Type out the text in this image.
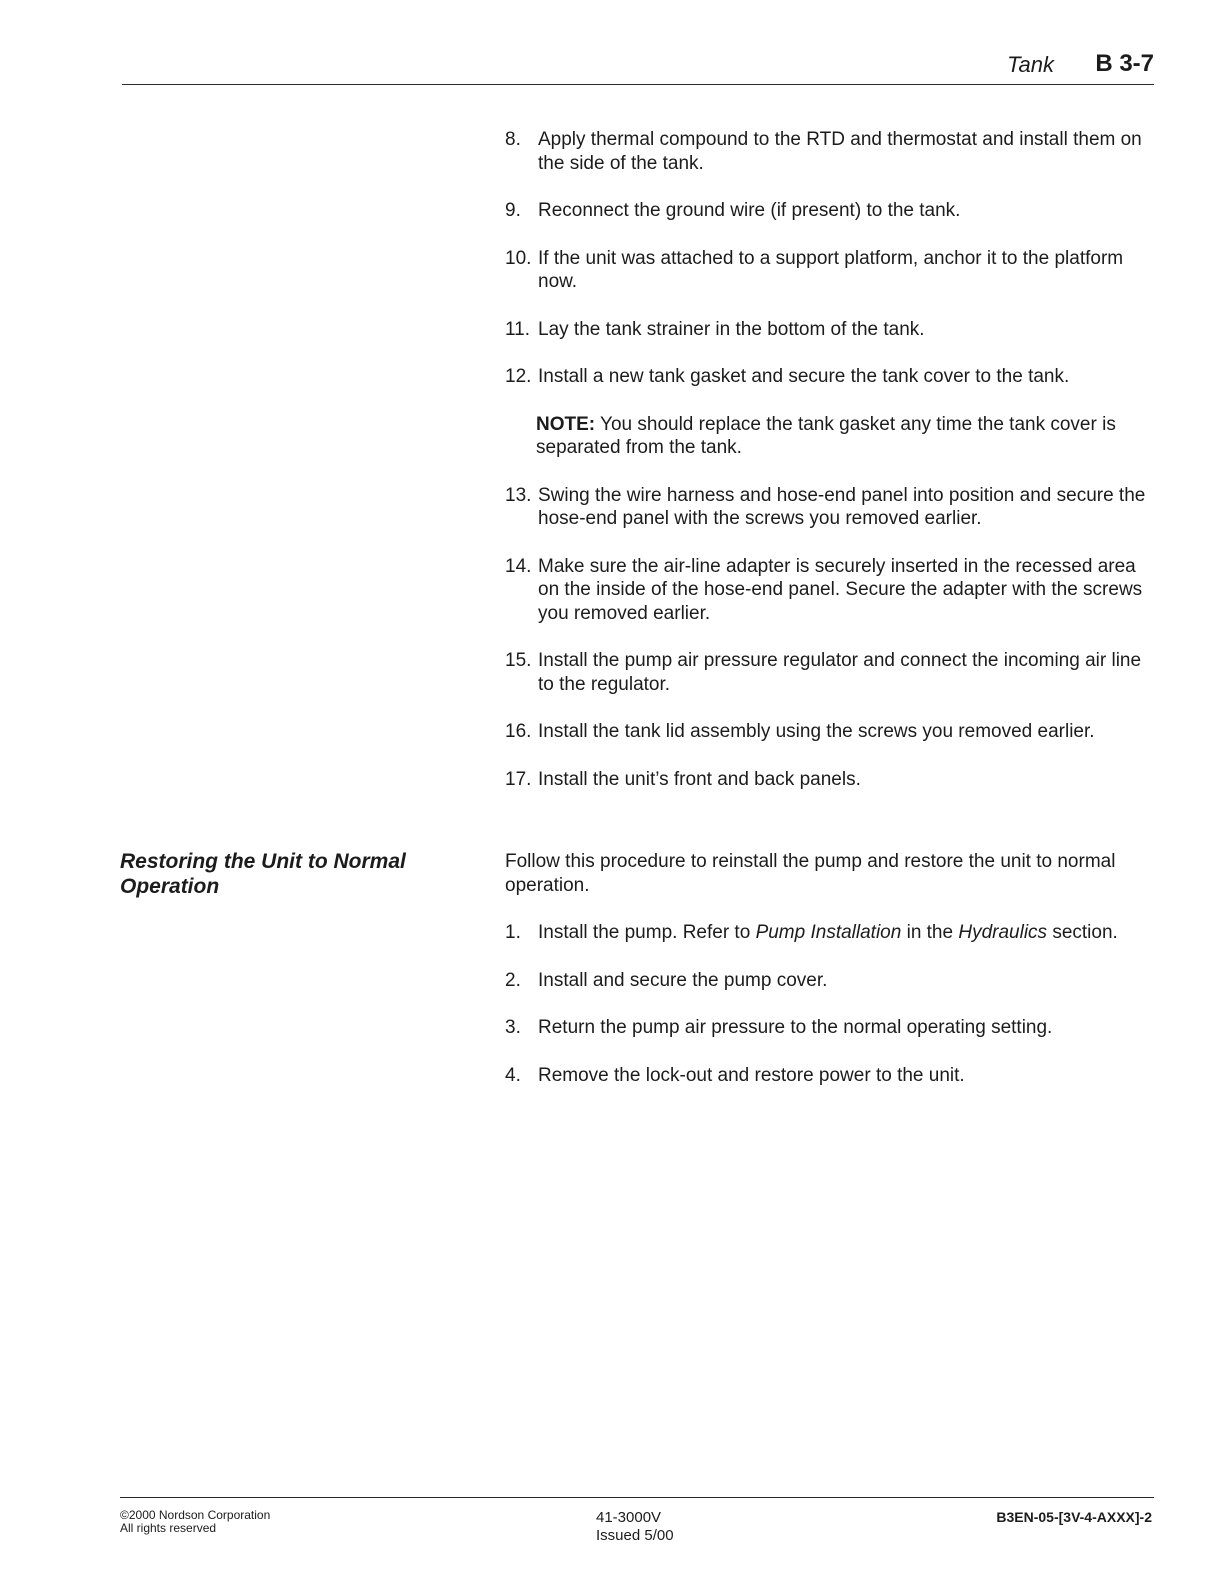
Tank B 3-7
8. Apply thermal compound to the RTD and thermostat and install them on the side of the tank.
9. Reconnect the ground wire (if present) to the tank.
10. If the unit was attached to a support platform, anchor it to the platform now.
11. Lay the tank strainer in the bottom of the tank.
12. Install a new tank gasket and secure the tank cover to the tank.
NOTE: You should replace the tank gasket any time the tank cover is separated from the tank.
13. Swing the wire harness and hose-end panel into position and secure the hose-end panel with the screws you removed earlier.
14. Make sure the air-line adapter is securely inserted in the recessed area on the inside of the hose-end panel. Secure the adapter with the screws you removed earlier.
15. Install the pump air pressure regulator and connect the incoming air line to the regulator.
16. Install the tank lid assembly using the screws you removed earlier.
17. Install the unit’s front and back panels.
Restoring the Unit to Normal Operation
Follow this procedure to reinstall the pump and restore the unit to normal operation.
1. Install the pump. Refer to Pump Installation in the Hydraulics section.
2. Install and secure the pump cover.
3. Return the pump air pressure to the normal operating setting.
4. Remove the lock-out and restore power to the unit.
©2000 Nordson Corporation
All rights reserved
41-3000V
Issued 5/00
B3EN-05-[3V-4-AXXX]-2
